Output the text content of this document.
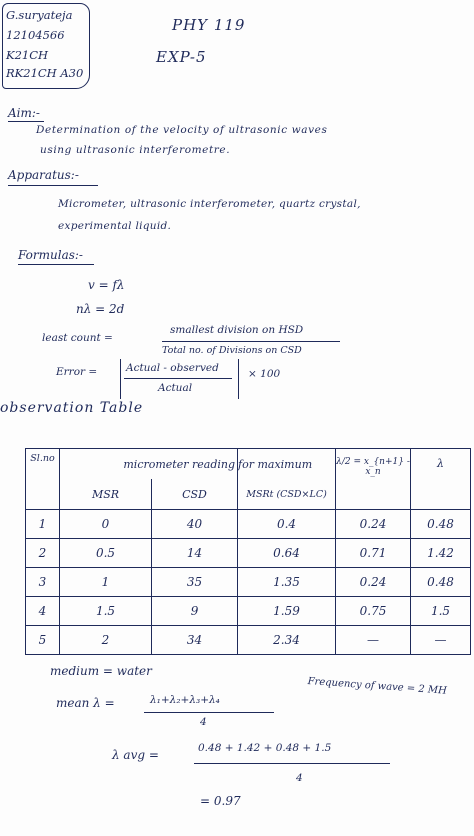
G.suryateja
12104566
K21CH
RK21CH A30
PHY 119
EXP-5
Aim:-
Determination of the velocity of ultrasonic waves
using ultrasonic interferometre.
Apparatus:-
Micrometer, ultrasonic interferometer, quartz crystal,
experimental liquid.
Formulas:-
v = fλ
nλ = 2d
least count =
smallest division on HSD
Total no. of Divisions on CSD
Error =	Actual - observed
Actual
× 100
observation Table
Sl.no	micrometer reading		for maximum	λ/2 = x_{n+1} - x_n	λ
	MSR	CSD	MSRt (CSD×LC)		
1	0	40	0.4	0.24	0.48
2	0.5	14	0.64	0.71	1.42
3	1	35	1.35	0.24	0.48
4	1.5	9	1.59	0.75	1.5
5	2	34	2.34	—	—
medium = water
Frequency of wave = 2 MH
mean λ =	λ₁+λ₂+λ₃+λ₄
4
λ avg =	0.48 + 1.42 + 0.48 + 1.5
4
= 0.97
